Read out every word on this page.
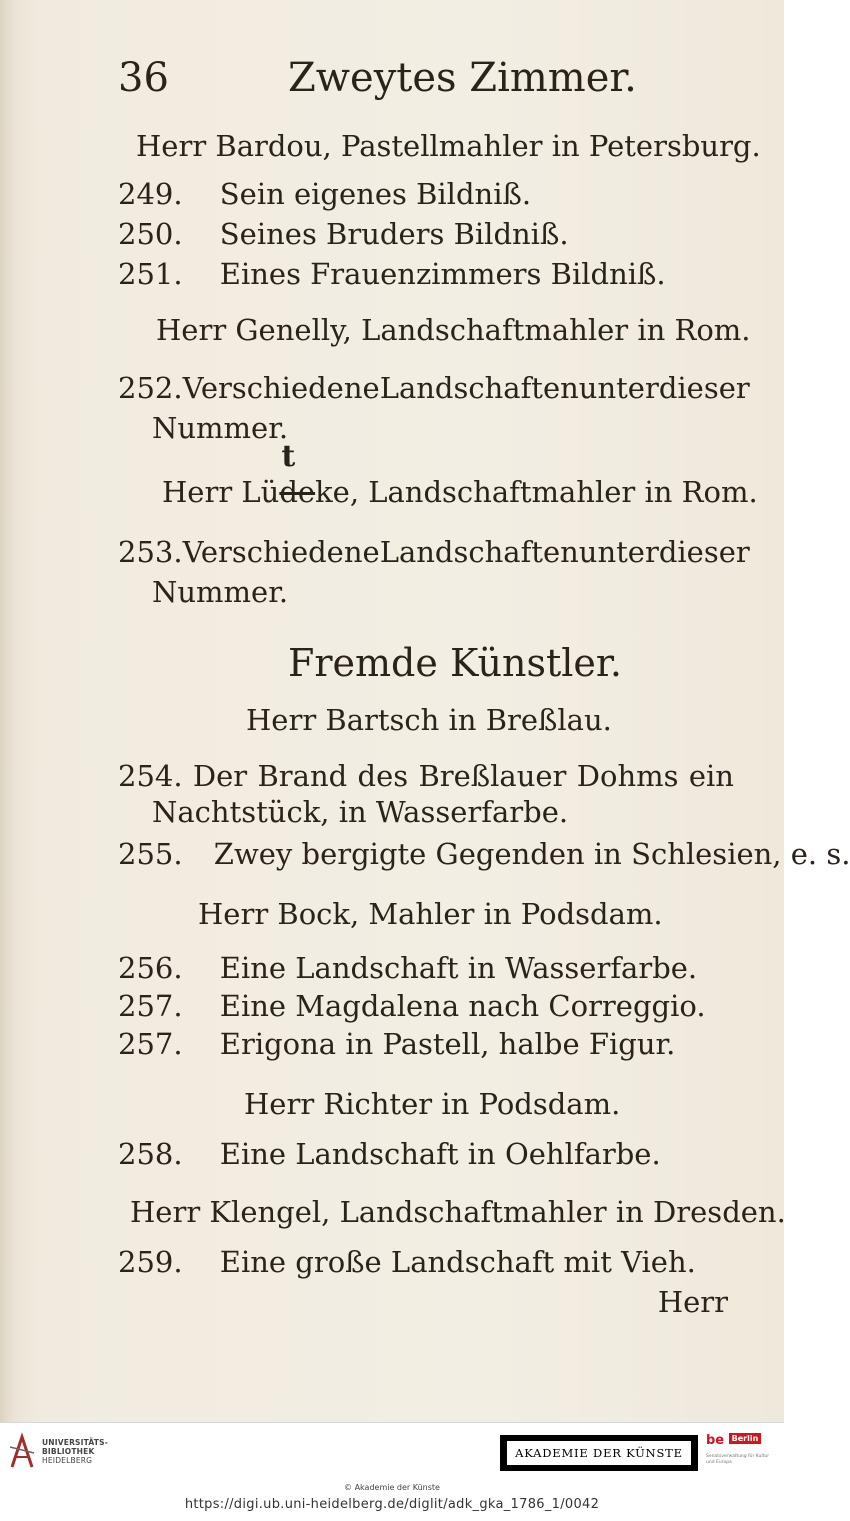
36	Zweytes Zimmer.
Herr Bardou, Pastellmahler in Petersburg.
249. Sein eigenes Bildniß.
250. Seines Bruders Bildniß.
251. Eines Frauenzimmers Bildniß.
Herr Genelly, Landschaftmahler in Rom.
252. Verschiedene Landschaften unter dieser
Nummer.
Herr Lüde
t
ke, Landschaftmahler in Rom.
253. Verschiedene Landschaften unter dieser
Nummer.
Fremde Künstler.
Herr Bartsch in Breßlau.
254. Der Brand des Breßlauer Dohms ein
Nachtstück, in Wasserfarbe.
255. Zwey bergigte Gegenden in Schlesien, e. s.
Herr Bock, Mahler in Podsdam.
256. Eine Landschaft in Wasserfarbe.
257. Eine Magdalena nach Correggio.
257. Erigona in Pastell, halbe Figur.
Herr Richter in Podsdam.
258. Eine Landschaft in Oehlfarbe.
Herr Klengel, Landschaftmahler in Dresden.
259. Eine große Landschaft mit Vieh.
Herr
UNIVERSITÄTS-
BIBLIOTHEK
HEIDELBERG	AKADEMIE DER KÜNSTE
be Berlin
Senatsverwaltung für Kultur und Europa
© Akademie der Künste
https://digi.ub.uni-heidelberg.de/diglit/adk_gka_1786_1/0042
